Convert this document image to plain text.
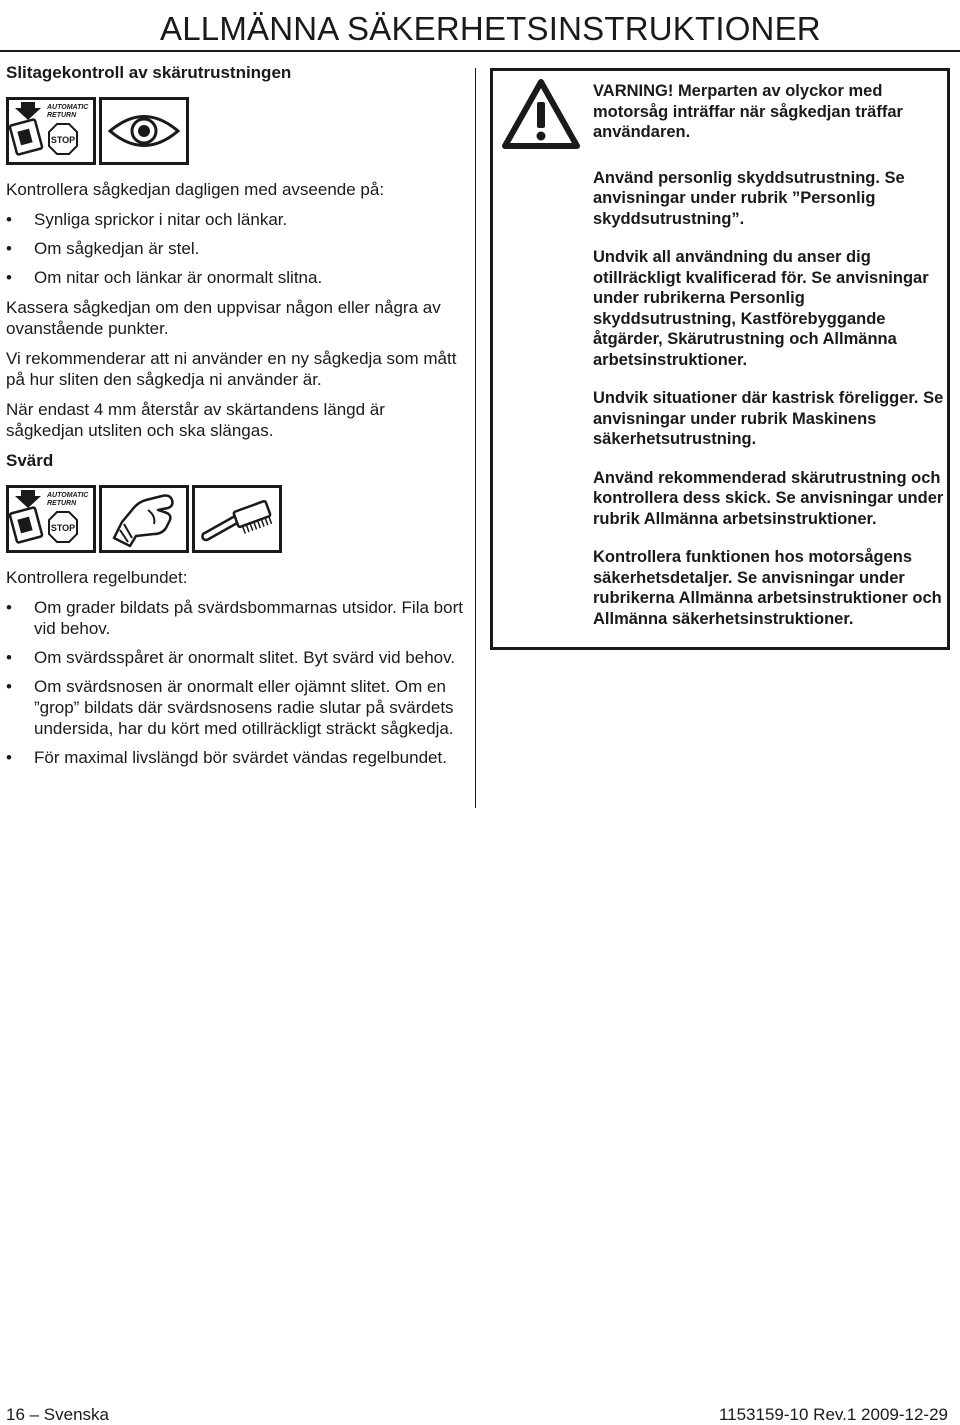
ALLMÄNNA SÄKERHETSINSTRUKTIONER
Slitagekontroll av skärutrustningen
AUTOMATIC
RETURN
STOP

Kontrollera sågkedjan dagligen med avseende på:

• Synliga sprickor i nitar och länkar.
• Om sågkedjan är stel.
• Om nitar och länkar är onormalt slitna.

Kassera sågkedjan om den uppvisar någon eller några av ovanstående punkter.

Vi rekommenderar att ni använder en ny sågkedja som mått på hur sliten den sågkedja ni använder är.

När endast 4 mm återstår av skärtandens längd är sågkedjan utsliten och ska slängas.

Svärd
AUTOMATIC
RETURN
STOP

Kontrollera regelbundet:

• Om grader bildats på svärdsbommarnas utsidor. Fila bort vid behov.
• Om svärdsspåret är onormalt slitet. Byt svärd vid behov.
• Om svärdsnosen är onormalt eller ojämnt slitet. Om en ”grop” bildats där svärdsnosens radie slutar på svärdets undersida, har du kört med otillräckligt sträckt sågkedja.
• För maximal livslängd bör svärdet vändas regelbundet.

VARNING! Merparten av olyckor med motorsåg inträffar när sågkedjan träffar användaren.

Använd personlig skyddsutrustning. Se anvisningar under rubrik ”Personlig skyddsutrustning”.

Undvik all användning du anser dig otillräckligt kvalificerad för. Se anvisningar under rubrikerna Personlig skyddsutrustning, Kastförebyggande åtgärder, Skärutrustning och Allmänna arbetsinstruktioner.

Undvik situationer där kastrisk föreligger. Se anvisningar under rubrik Maskinens säkerhetsutrustning.

Använd rekommenderad skärutrustning och kontrollera dess skick. Se anvisningar under rubrik Allmänna arbetsinstruktioner.

Kontrollera funktionen hos motorsågens säkerhetsdetaljer. Se anvisningar under rubrikerna Allmänna arbetsinstruktioner och Allmänna säkerhetsinstruktioner.

16 – Svenska	1153159-10 Rev.1 2009-12-29
